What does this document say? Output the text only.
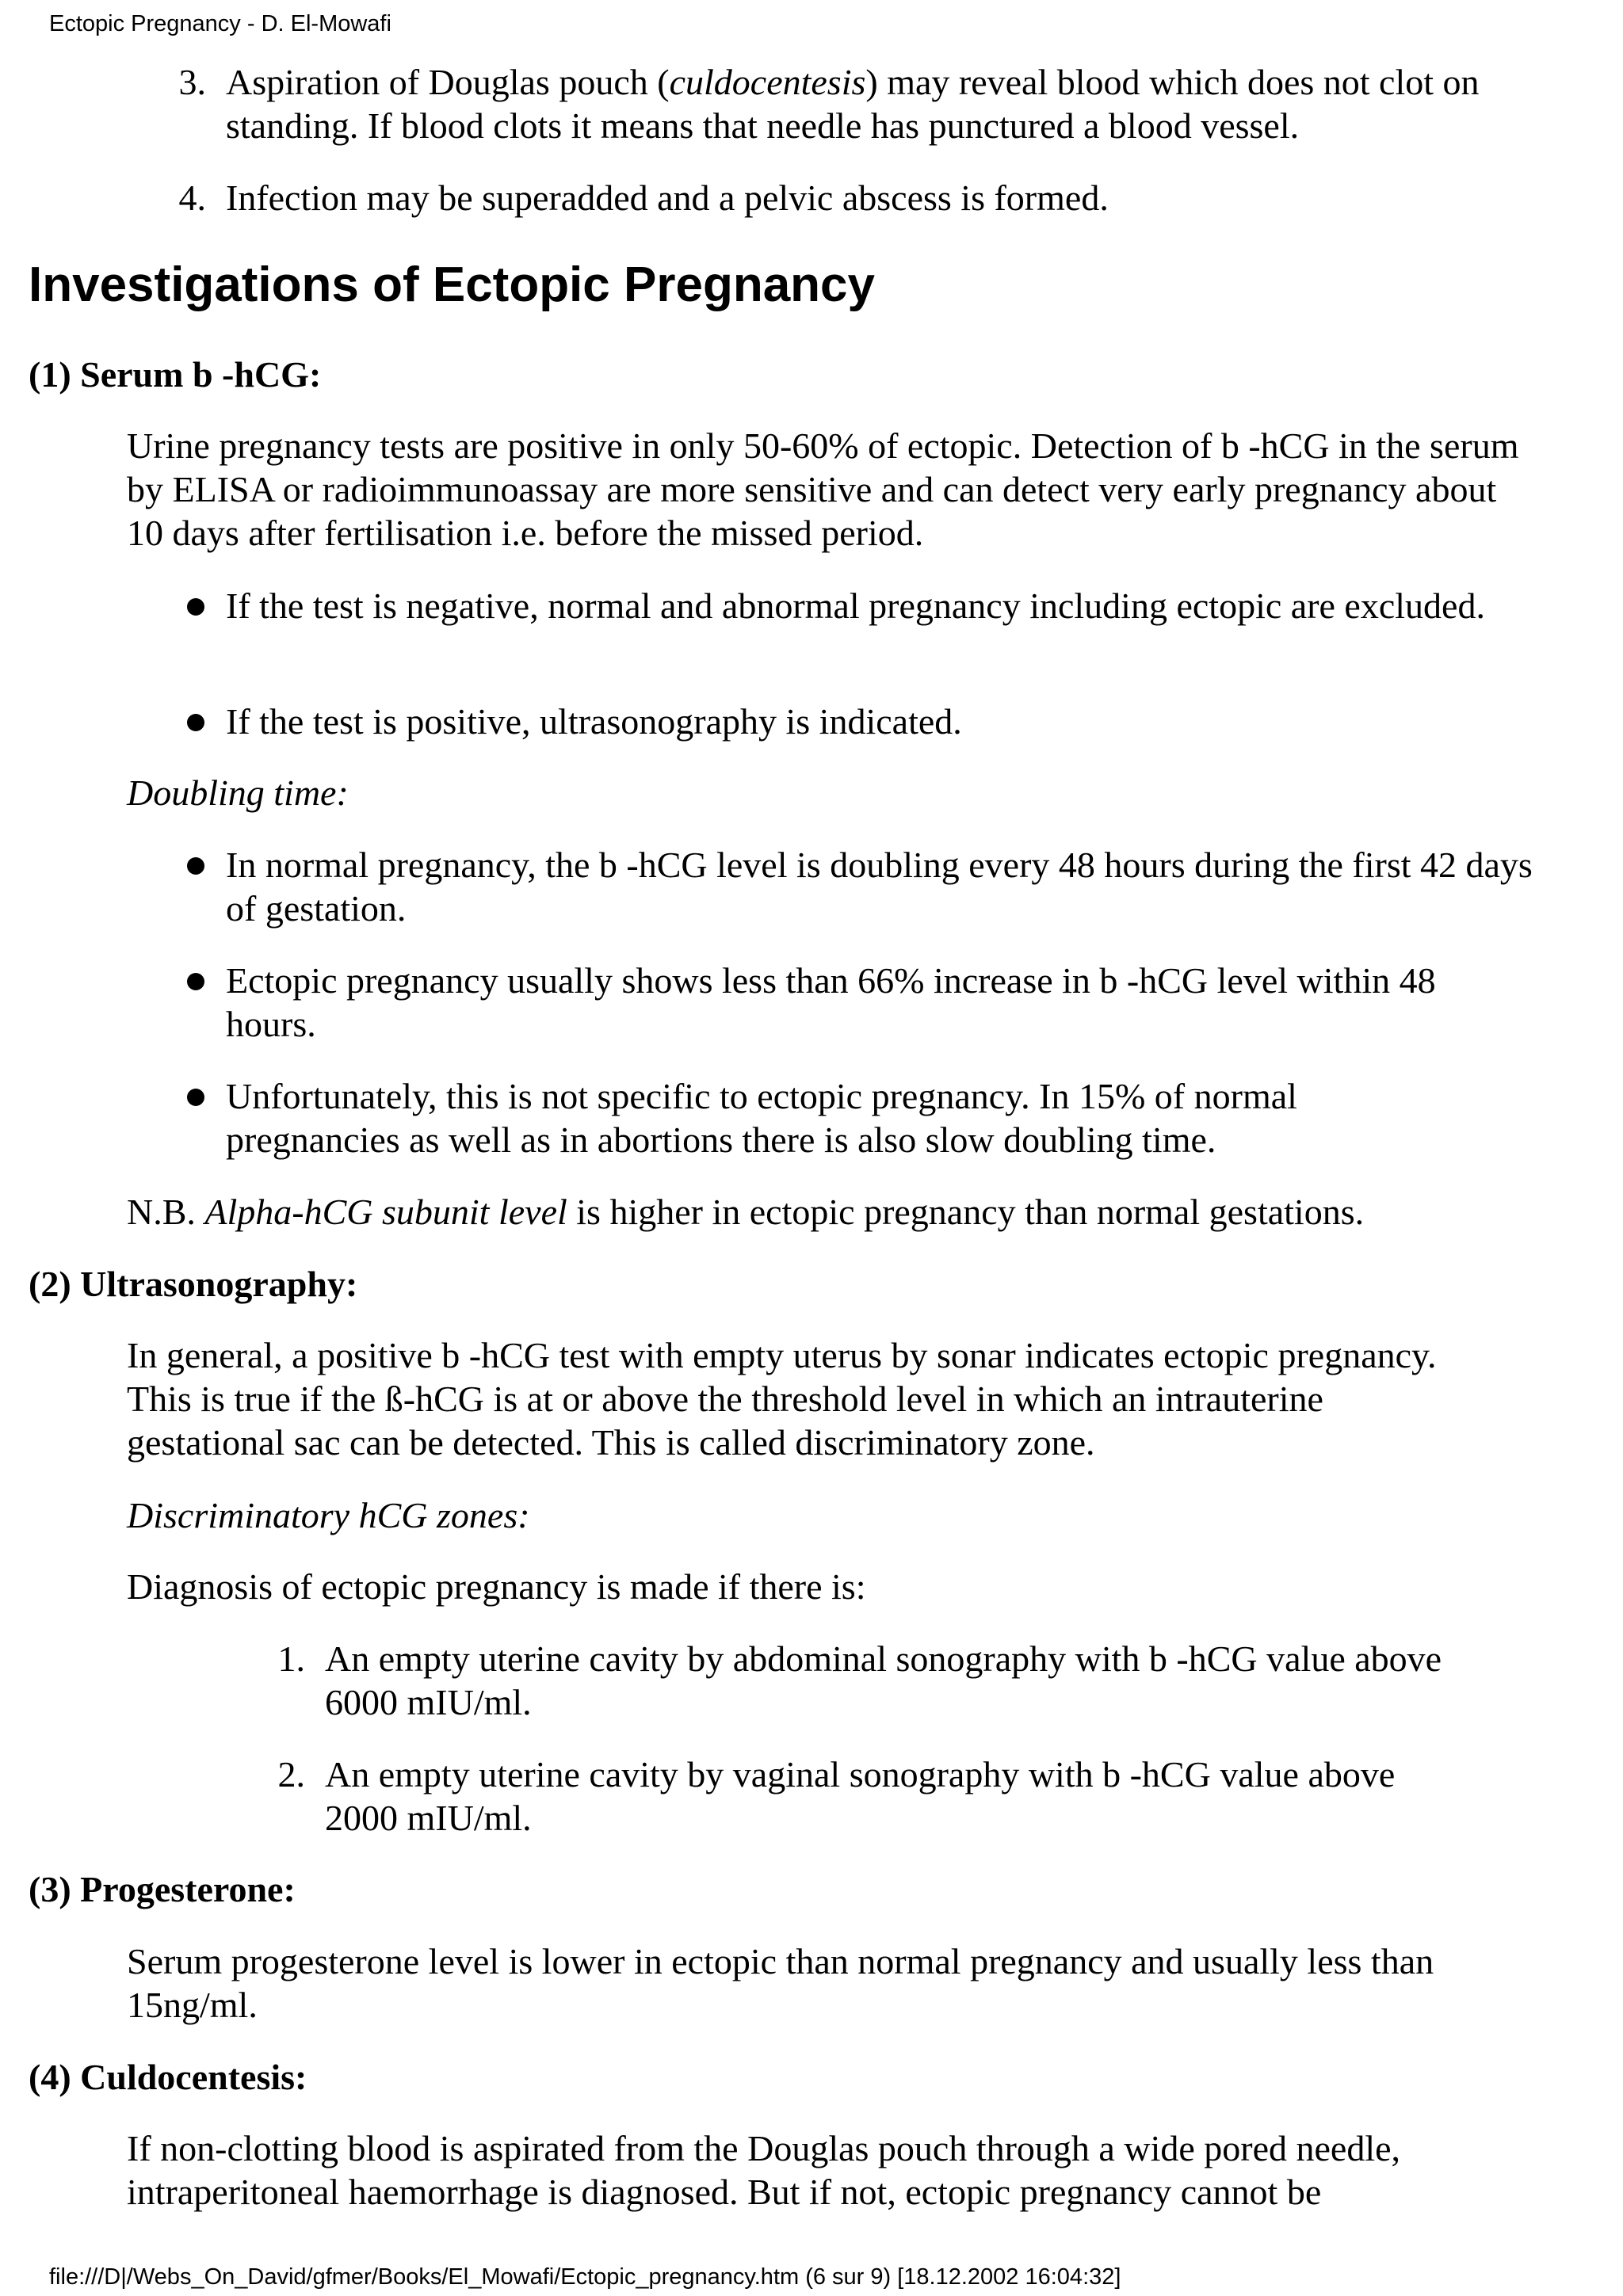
Ectopic Pregnancy - D. El-Mowafi
3. Aspiration of Douglas pouch (culdocentesis) may reveal blood which does not clot on standing. If blood clots it means that needle has punctured a blood vessel.

4. Infection may be superadded and a pelvic abscess is formed.

Investigations of Ectopic Pregnancy

(1) Serum b -hCG:

Urine pregnancy tests are positive in only 50-60% of ectopic. Detection of b -hCG in the serum by ELISA or radioimmunoassay are more sensitive and can detect very early pregnancy about 10 days after fertilisation i.e. before the missed period.

If the test is negative, normal and abnormal pregnancy including ectopic are excluded.

If the test is positive, ultrasonography is indicated.

Doubling time:

In normal pregnancy, the b -hCG level is doubling every 48 hours during the first 42 days of gestation.

Ectopic pregnancy usually shows less than 66% increase in b -hCG level within 48 hours.

Unfortunately, this is not specific to ectopic pregnancy. In 15% of normal pregnancies as well as in abortions there is also slow doubling time.

N.B. Alpha-hCG subunit level is higher in ectopic pregnancy than normal gestations.

(2) Ultrasonography:

In general, a positive b -hCG test with empty uterus by sonar indicates ectopic pregnancy. This is true if the ß-hCG is at or above the threshold level in which an intrauterine gestational sac can be detected. This is called discriminatory zone.

Discriminatory hCG zones:

Diagnosis of ectopic pregnancy is made if there is:

1. An empty uterine cavity by abdominal sonography with b -hCG value above 6000 mIU/ml.

2. An empty uterine cavity by vaginal sonography with b -hCG value above 2000 mIU/ml.

(3) Progesterone:

Serum progesterone level is lower in ectopic than normal pregnancy and usually less than 15ng/ml.

(4) Culdocentesis:

If non-clotting blood is aspirated from the Douglas pouch through a wide pored needle, intraperitoneal haemorrhage is diagnosed. But if not, ectopic pregnancy cannot be

file:///D|/Webs_On_David/gfmer/Books/El_Mowafi/Ectopic_pregnancy.htm (6 sur 9) [18.12.2002 16:04:32]
